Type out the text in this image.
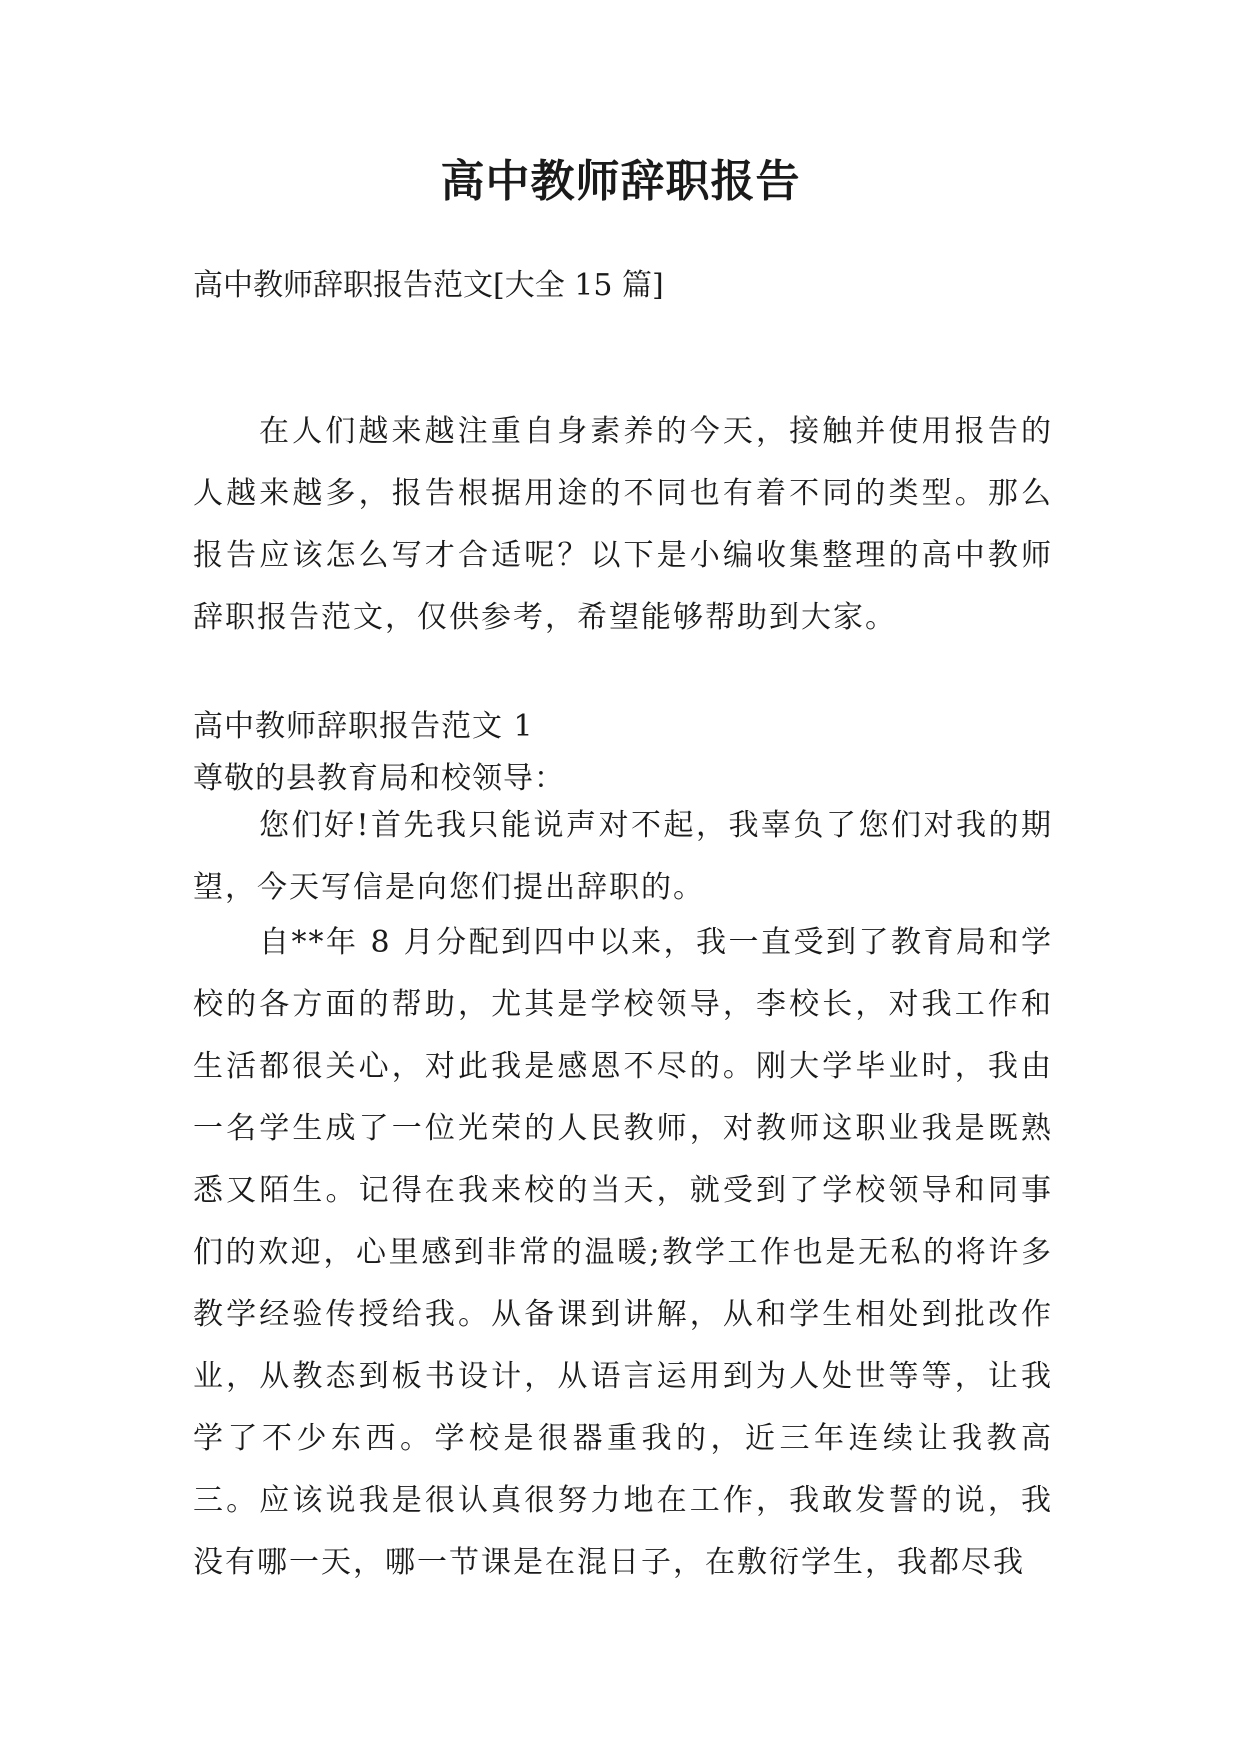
高中教师辞职报告
高中教师辞职报告范文[大全 15 篇]
在人们越来越注重自身素养的今天，接触并使用报告的人越来越多，报告根据用途的不同也有着不同的类型。那么报告应该怎么写才合适呢？以下是小编收集整理的高中教师辞职报告范文，仅供参考，希望能够帮助到大家。
高中教师辞职报告范文 1
尊敬的县教育局和校领导：
您们好!首先我只能说声对不起，我辜负了您们对我的期望，今天写信是向您们提出辞职的。
自**年 8 月分配到四中以来，我一直受到了教育局和学校的各方面的帮助，尤其是学校领导，李校长，对我工作和生活都很关心，对此我是感恩不尽的。刚大学毕业时，我由一名学生成了一位光荣的人民教师，对教师这职业我是既熟悉又陌生。记得在我来校的当天，就受到了学校领导和同事们的欢迎，心里感到非常的温暖;教学工作也是无私的将许多教学经验传授给我。从备课到讲解，从和学生相处到批改作业，从教态到板书设计，从语言运用到为人处世等等，让我学了不少东西。学校是很器重我的，近三年连续让我教高三。应该说我是很认真很努力地在工作，我敢发誓的说，我没有哪一天，哪一节课是在混日子，在敷衍学生，我都尽我
